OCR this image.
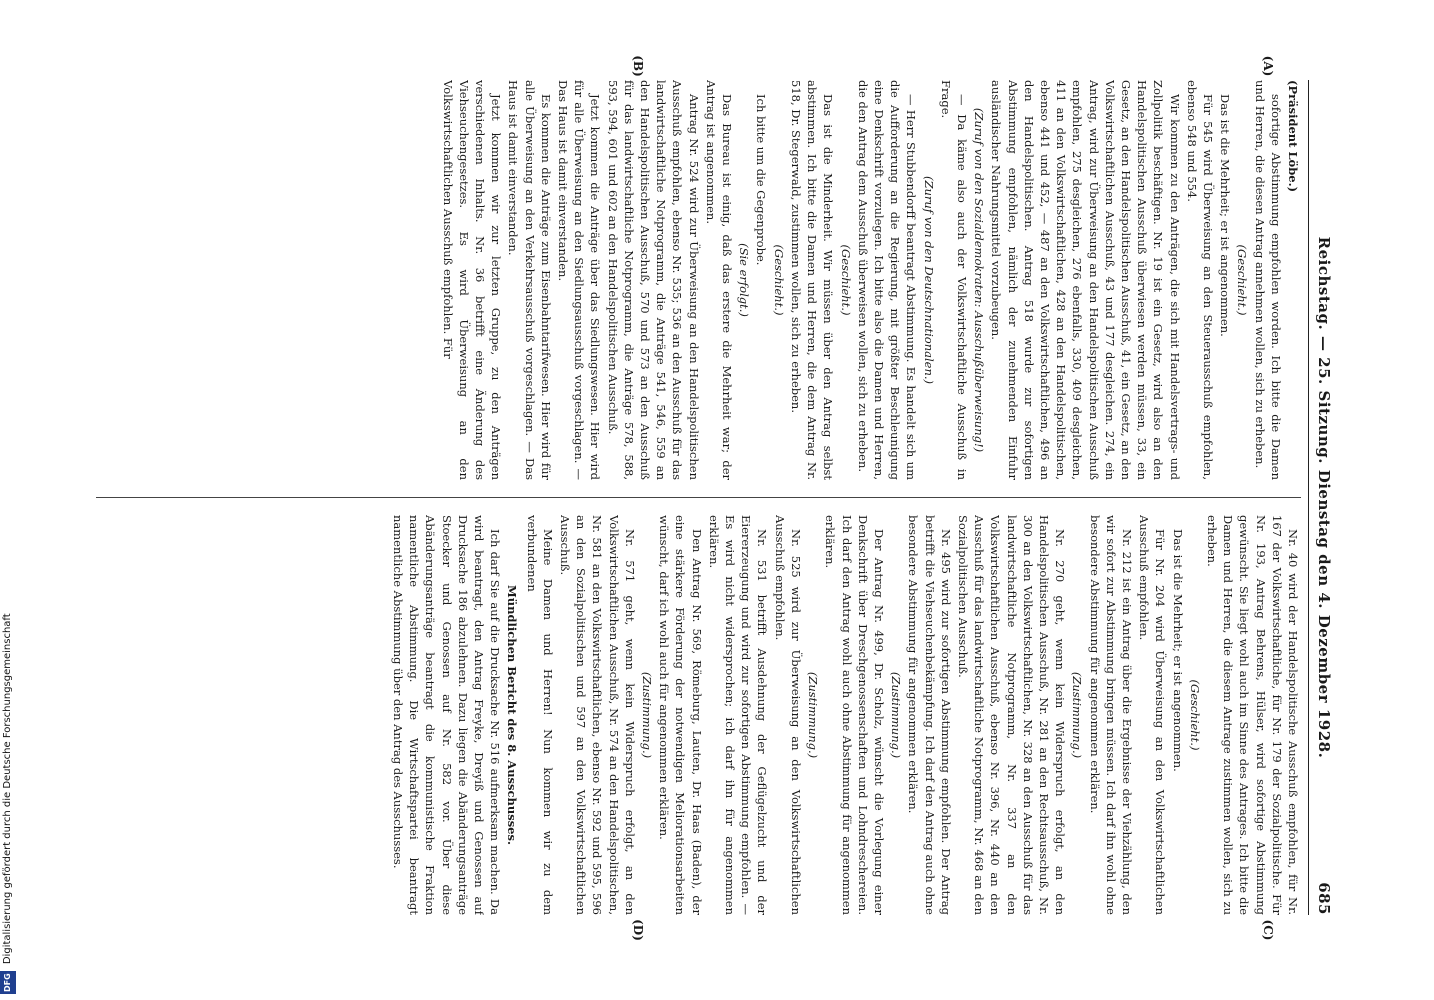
DFG Digitalisierung gefördert durch die Deutsche Forschungsgemeinschaft
Reichstag. — 25. Sitzung. Dienstag den 4. Dezember 1928.
685

(Präsident Löbe.)

sofortige Abstimmung empfohlen worden. Ich bitte die Damen und Herren, die diesen Antrag annehmen wollen, sich zu erheben.

(Geschieht.)

Das ist die Mehrheit; er ist angenommen.

Für 545 wird Überweisung an den Steuerausschuß empfohlen, ebenso 548 und 554.

Wir kommen zu den Anträgen, die sich mit Handelsvertrags- und Zollpolitik beschäftigen. Nr. 19 ist ein Gesetz, wird also an den Handelspolitischen Ausschuß überwiesen werden müssen, 33, ein Gesetz, an den Handelspolitischen Ausschuß, 41, ein Gesetz, an den Volkswirtschaftlichen Ausschuß, 43 und 177 desgleichen. 274, ein Antrag, wird zur Überweisung an den Handelspolitischen Ausschuß empfohlen, 275 desgleichen, 276 ebenfalls, 330, 409 desgleichen, 411 an den Volkswirtschaftlichen, 428 an den Handelspolitischen, ebenso 441 und 452, — 487 an den Volkswirtschaftlichen, 496 an den Handelspolitischen. Antrag 518 wurde zur sofortigen Abstimmung empfohlen, nämlich der zunehmenden Einfuhr ausländischer Nahrungsmittel vorzubeugen.

(Zuruf von den Sozialdemokraten: Ausschußüberweisung!)

— Da käme also auch der Volkswirtschaftliche Ausschuß in Frage.

(Zuruf von den Deutschnationalen.)

— Herr Stubbendorff beantragt Abstimmung. Es handelt sich um die Aufforderung an die Regierung, mit größter Beschleunigung eine Denkschrift vorzulegen. Ich bitte also die Damen und Herren, die den Antrag dem Ausschuß überweisen wollen, sich zu erheben.

(Geschieht.)

Das ist die Minderheit. Wir müssen über den Antrag selbst abstimmen. Ich bitte die Damen und Herren, die dem Antrag Nr. 518, Dr. Stegerwald, zustimmen wollen, sich zu erheben.

(Geschieht.)

Ich bitte um die Gegenprobe.

(Sie erfolgt.)

Das Bureau ist einig, daß das erstere die Mehrheit war; der Antrag ist angenommen.

Antrag Nr. 524 wird zur Überweisung an den Handelspolitischen Ausschuß empfohlen, ebenso Nr. 535; 536 an den Ausschuß für das landwirtschaftliche Notprogramm, die Anträge 541, 546, 559 an den Handelspolitischen Ausschuß, 570 und 573 an den Ausschuß für das landwirtschaftliche Notprogramm, die Anträge 578, 588, 593, 594, 601 und 602 an den Handelspolitischen Ausschuß.

Jetzt kommen die Anträge über das Siedlungswesen. Hier wird für alle Überweisung an den Siedlungsausschuß vorgeschlagen. — Das Haus ist damit einverstanden.

Es kommen die Anträge zum Eisenbahntarifwesen. Hier wird für alle Überweisung an den Verkehrsausschuß vorgeschlagen. — Das Haus ist damit einverstanden.

Jetzt kommen wir zur letzten Gruppe, zu den Anträgen verschiedenen Inhalts. Nr. 36 betrifft eine Änderung des Viehseuchengesetzes. Es wird Überweisung an den Volkswirtschaftlichen Ausschuß empfohlen. Für

Nr. 40 wird der Handelspolitische Ausschuß empfohlen, für Nr. 167 der Volkswirtschaftliche, für Nr. 179 der Sozialpolitische. Für Nr. 193, Antrag Behrens, Hülser, wird sofortige Abstimmung gewünscht. Sie liegt wohl auch im Sinne des Antrages. Ich bitte die Damen und Herren, die diesem Antrage zustimmen wollen, sich zu erheben.

(Geschieht.)

Das ist die Mehrheit; er ist angenommen.

Für Nr. 204 wird Überweisung an den Volkswirtschaftlichen Ausschuß empfohlen.

Nr. 212 ist ein Antrag über die Ergebnisse der Viehzählung, den wir sofort zur Abstimmung bringen müssen. Ich darf ihn wohl ohne besondere Abstimmung für angenommen erklären.

(Zustimmung.)

Nr. 270 geht, wenn kein Widerspruch erfolgt, an den Handelspolitischen Ausschuß, Nr. 281 an den Rechtsausschuß, Nr. 300 an den Volkswirtschaftlichen, Nr. 328 an den Ausschuß für das landwirtschaftliche Notprogramm, Nr. 337 an den Volkswirtschaftlichen Ausschuß, ebenso Nr. 396, Nr. 440 an den Ausschuß für das landwirtschaftliche Notprogramm, Nr. 468 an den Sozialpolitischen Ausschuß.

Nr. 495 wird zur sofortigen Abstimmung empfohlen. Der Antrag betrifft die Viehseuchenbekämpfung. Ich darf den Antrag auch ohne besondere Abstimmung für angenommen erklären.

(Zustimmung.)

Der Antrag Nr. 499, Dr. Scholz, wünscht die Vorlegung einer Denkschrift über Dreschgenossenschaften und Lohndreschereien. Ich darf den Antrag wohl auch ohne Abstimmung für angenommen erklären.

(Zustimmung.)

Nr. 525 wird zur Überweisung an den Volkswirtschaftlichen Ausschuß empfohlen.

Nr. 531 betrifft Ausdehnung der Geflügelzucht und der Eiererzeugung und wird zur sofortigen Abstimmung empfohlen. — Es wird nicht widersprochen; ich darf ihn für angenommen erklären.

Den Antrag Nr. 569, Römeburg, Lauten, Dr. Haas (Baden), der eine stärkere Förderung der notwendigen Meliorationsarbeiten wünscht, darf ich wohl auch für angenommen erklären.

(Zustimmung.)

Nr. 571 geht, wenn kein Widerspruch erfolgt, an den Volkswirtschaftlichen Ausschuß, Nr. 574 an den Handelspolitischen, Nr. 581 an den Volkswirtschaftlichen, ebenso Nr. 592 und 595, 596 an den Sozialpolitischen und 597 an den Volkswirtschaftlichen Ausschuß.

Meine Damen und Herren! Nun kommen wir zu dem verbundenen

Mündlichen Bericht des 8. Ausschusses.

Ich darf Sie auf die Drucksache Nr. 516 aufmerksam machen. Da wird beantragt, den Antrag Freyke, Dreyiß und Genossen auf Drucksache 186 abzulehnen. Dazu liegen die Abänderungsanträge Stoecker und Genossen auf Nr. 582 vor. Über diese Abänderungsanträge beantragt die kommunistische Fraktion namentliche Abstimmung. Die Wirtschaftspartei beantragt namentliche Abstimmung über den Antrag des Ausschusses.

(A)
(B)
(C)
(D)
